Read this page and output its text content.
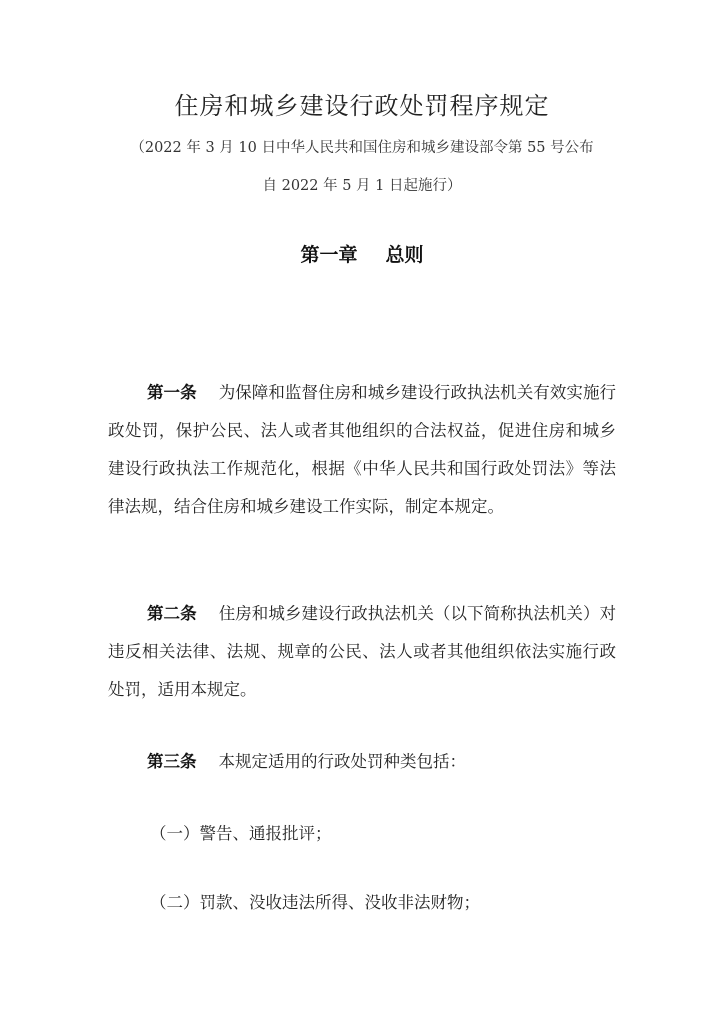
住房和城乡建设行政处罚程序规定
（2022 年 3 月 10 日中华人民共和国住房和城乡建设部令第 55 号公布
自 2022 年 5 月 1 日起施行）
第一章 总则
第一条 为保障和监督住房和城乡建设行政执法机关有效实施行政处罚，保护公民、法人或者其他组织的合法权益，促进住房和城乡建设行政执法工作规范化，根据《中华人民共和国行政处罚法》等法律法规，结合住房和城乡建设工作实际，制定本规定。
第二条 住房和城乡建设行政执法机关（以下简称执法机关）对违反相关法律、法规、规章的公民、法人或者其他组织依法实施行政处罚，适用本规定。
第三条 本规定适用的行政处罚种类包括：
（一）警告、通报批评；
（二）罚款、没收违法所得、没收非法财物；
